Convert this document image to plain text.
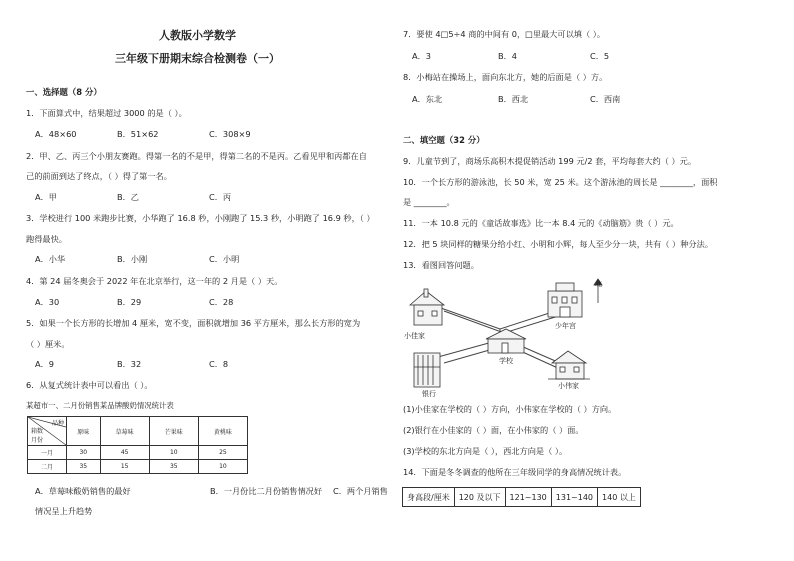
人教版小学数学
三年级下册期末综合检测卷（一）
一、选择题（8 分）
1．下面算式中，结果超过 3000 的是（ ）。
A．48×60	B．51×62	C．308×9
2．甲、乙、丙三个小朋友赛跑。得第一名的不是甲，得第二名的不是丙。乙看见甲和丙都在自
己的前面到达了终点，（ ）得了第一名。
A．甲	B．乙	C．丙
3．学校进行 100 米跑步比赛，小华跑了 16.8 秒，小刚跑了 15.3 秒，小明跑了 16.9 秒，（ ）
跑得最快。
A．小华	B．小刚	C．小明
4．第 24 届冬奥会于 2022 年在北京举行，这一年的 2 月是（ ）天。
A．30	B．29	C．28
5．如果一个长方形的长增加 4 厘米，宽不变，面积就增加 36 平方厘米，那么长方形的宽为
（ ）厘米。
A．9	B．32	C．8
6．从复式统计表中可以看出（ ）。
某超市一、二月份销售某品牌酸奶情况统计表
品种
箱数
月份	原味	草莓味	芒果味	黄桃味
一月	30	45	10	25
二月	35	15	35	10
A．草莓味酸奶销售的最好	B．一月份比二月份销售情况好 C．两个月销售
情况呈上升趋势
7．要使 4□5÷4 商的中间有 0，□里最大可以填（ ）。
A．3	B．4	C．5
8．小梅站在操场上，面向东北方，她的后面是（ ）方。
A．东北	B．西北	C．西南
二、填空题（32 分）
9．儿童节到了，商场乐高积木提促销活动 199 元/2 套，平均每套大约（ ）元。
10．一个长方形的游泳池，长 50 米，宽 25 米。这个游泳池的周长是 ________，面积
是 ________。
11．一本 10.8 元的《童话故事选》比一本 8.4 元的《动脑筋》贵（ ）元。
12．把 5 块同样的糖果分给小红、小明和小辉，每人至少分一块，共有（ ）种分法。
13．看图回答问题。
北
小佳家
少年宫
学校
银行
小伟家
(1)小佳家在学校的（ ）方向，小伟家在学校的（ ）方向。
(2)银行在小佳家的（ ）面，在小伟家的（ ）面。
(3)学校的东北方向是（ ），西北方向是（ ）。
14．下面是冬冬调查的他所在三年级同学的身高情况统计表。
身高段/厘米	120 及以下	121~130	131~140	140 以上
